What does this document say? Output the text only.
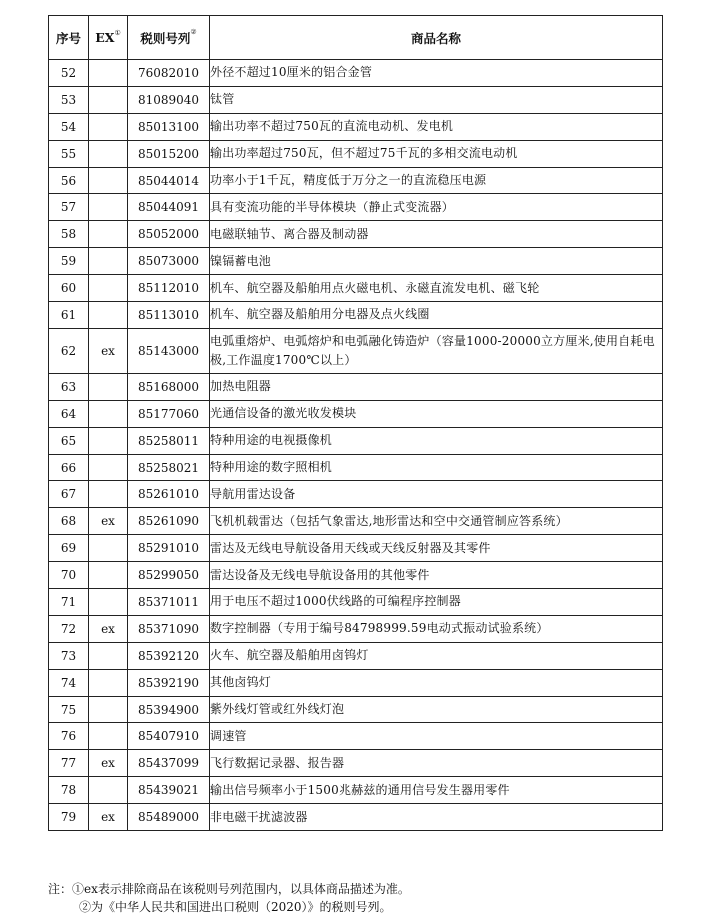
序号	EX①	税则号列②	商品名称
52		76082010	外径不超过10厘米的铝合金管
53		81089040	钛管
54		85013100	输出功率不超过750瓦的直流电动机、发电机
55		85015200	输出功率超过750瓦，但不超过75千瓦的多相交流电动机
56		85044014	功率小于1千瓦，精度低于万分之一的直流稳压电源
57		85044091	具有变流功能的半导体模块（静止式变流器）
58		85052000	电磁联轴节、离合器及制动器
59		85073000	镍镉蓄电池
60		85112010	机车、航空器及船舶用点火磁电机、永磁直流发电机、磁飞轮
61		85113010	机车、航空器及船舶用分电器及点火线圈
62	ex	85143000	电弧重熔炉、电弧熔炉和电弧融化铸造炉（容量1000-20000立方厘米,使用自耗电极,工作温度1700℃以上）
63		85168000	加热电阻器
64		85177060	光通信设备的激光收发模块
65		85258011	特种用途的电视摄像机
66		85258021	特种用途的数字照相机
67		85261010	导航用雷达设备
68	ex	85261090	飞机机载雷达（包括气象雷达,地形雷达和空中交通管制应答系统）
69		85291010	雷达及无线电导航设备用天线或天线反射器及其零件
70		85299050	雷达设备及无线电导航设备用的其他零件
71		85371011	用于电压不超过1000伏线路的可编程序控制器
72	ex	85371090	数字控制器（专用于编号84798999.59电动式振动试验系统）
73		85392120	火车、航空器及船舶用卤钨灯
74		85392190	其他卤钨灯
75		85394900	紫外线灯管或红外线灯泡
76		85407910	调速管
77	ex	85437099	飞行数据记录器、报告器
78		85439021	输出信号频率小于1500兆赫兹的通用信号发生器用零件
79	ex	85489000	非电磁干扰滤波器
注：①ex表示排除商品在该税则号列范围内，以具体商品描述为准。
②为《中华人民共和国进出口税则（2020）》的税则号列。
